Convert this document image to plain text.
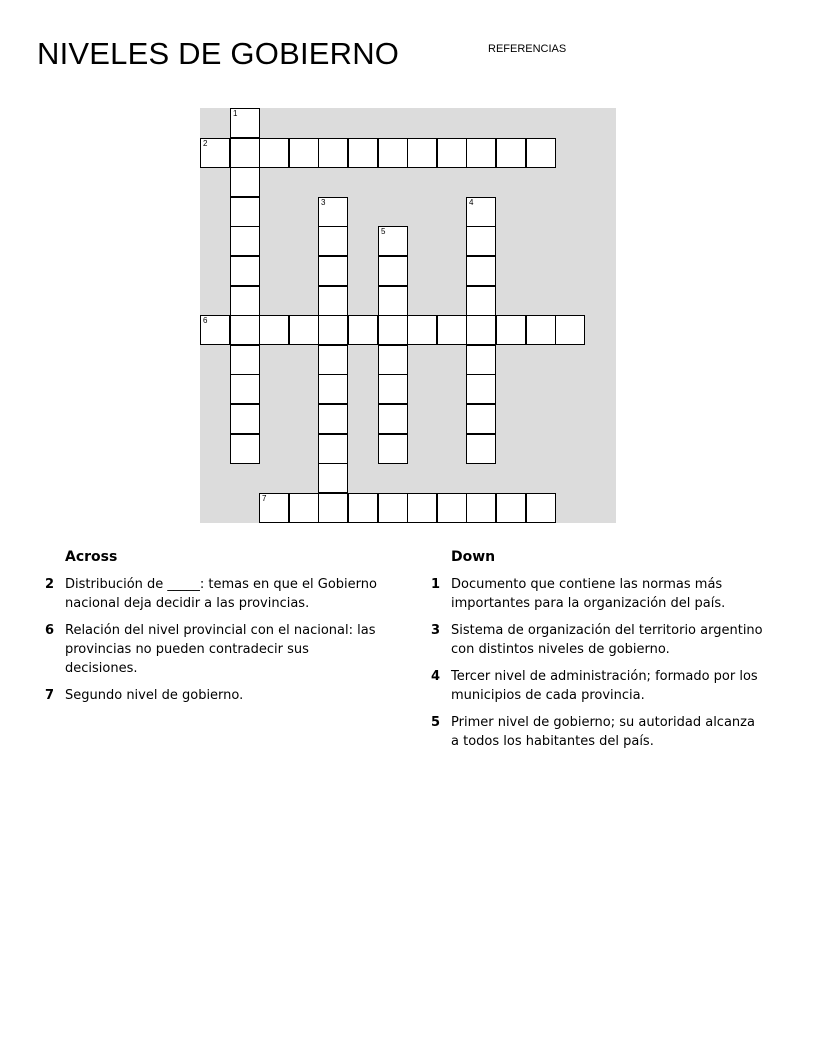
NIVELES DE GOBIERNO	REFERENCIAS
1
2
3	4
5
6
7
Across
2 Distribución de _____: temas en que el Gobierno nacional deja decidir a las provincias.
6 Relación del nivel provincial con el nacional: las provincias no pueden contradecir sus decisiones.
7 Segundo nivel de gobierno.
Down
1 Documento que contiene las normas más importantes para la organización del país.
3 Sistema de organización del territorio argentino con distintos niveles de gobierno.
4 Tercer nivel de administración; formado por los municipios de cada provincia.
5 Primer nivel de gobierno; su autoridad alcanza a todos los habitantes del país.
